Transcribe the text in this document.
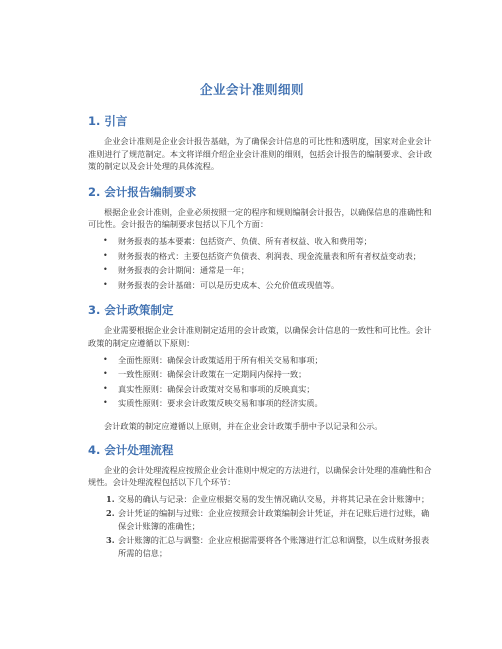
企业会计准则细则
1. 引言

企业会计准则是企业会计报告基础，为了确保会计信息的可比性和透明度，国家对企业会计准则进行了规范制定。本文将详细介绍企业会计准则的细则，包括会计报告的编制要求、会计政策的制定以及会计处理的具体流程。

2. 会计报告编制要求

根据企业会计准则，企业必须按照一定的程序和规则编制会计报告，以确保信息的准确性和可比性。会计报告的编制要求包括以下几个方面：

• 财务报表的基本要素：包括资产、负债、所有者权益、收入和费用等；
• 财务报表的格式：主要包括资产负债表、利润表、现金流量表和所有者权益变动表；
• 财务报表的会计期间：通常是一年；
• 财务报表的会计基础：可以是历史成本、公允价值或现值等。
3. 会计政策制定

企业需要根据企业会计准则制定适用的会计政策，以确保会计信息的一致性和可比性。会计政策的制定应遵循以下原则：

• 全面性原则：确保会计政策适用于所有相关交易和事项；
• 一致性原则：确保会计政策在一定期间内保持一致；
• 真实性原则：确保会计政策对交易和事项的反映真实；
• 实质性原则：要求会计政策反映交易和事项的经济实质。

会计政策的制定应遵循以上原则，并在企业会计政策手册中予以记录和公示。

4. 会计处理流程

企业的会计处理流程应按照企业会计准则中规定的方法进行，以确保会计处理的准确性和合规性。会计处理流程包括以下几个环节：

1. 交易的确认与记录：企业应根据交易的发生情况确认交易，并将其记录在会计账簿中；
2. 会计凭证的编制与过账：企业应按照会计政策编制会计凭证，并在记账后进行过账，确保会计账簿的准确性；
3. 会计账簿的汇总与调整：企业应根据需要将各个账簿进行汇总和调整，以生成财务报表所需的信息；
